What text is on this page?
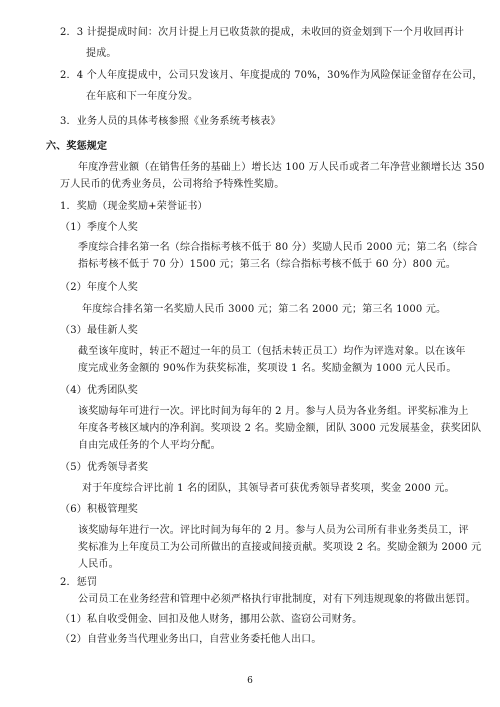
2．3 计提提成时间：次月计提上月已收货款的提成，未收回的资金划到下一个月收回再计
提成。
2．4 个人年度提成中，公司只发该月、年度提成的 70%，30%作为风险保证金留存在公司，
在年底和下一年度分发。
3．业务人员的具体考核参照《业务系统考核表》
六、奖惩规定
年度净营业额（在销售任务的基础上）增长达 100 万人民币或者二年净营业额增长达 350
万人民币的优秀业务员，公司将给予特殊性奖励。
1．奖励（现金奖励+荣誉证书）
（1）季度个人奖
季度综合排名第一名（综合指标考核不低于 80 分）奖励人民币 2000 元；第二名（综合
指标考核不低于 70 分）1500 元；第三名（综合指标考核不低于 60 分）800 元。
（2）年度个人奖
年度综合排名第一名奖励人民币 3000 元；第二名 2000 元；第三名 1000 元。
（3）最佳新人奖
截至该年度时，转正不超过一年的员工（包括未转正员工）均作为评选对象。以在该年
度完成业务金额的 90%作为获奖标准，奖项设 1 名。奖励金额为 1000 元人民币。
（4）优秀团队奖
该奖励每年可进行一次。评比时间为每年的 2 月。参与人员为各业务组。评奖标准为上
年度各考核区域内的净利润。奖项设 2 名。奖励金额，团队 3000 元发展基金，获奖团队
自由完成任务的个人平均分配。
（5）优秀领导者奖
对于年度综合评比前 1 名的团队，其领导者可获优秀领导者奖项，奖金 2000 元。
（6）积极管理奖
该奖励每年进行一次。评比时间为每年的 2 月。参与人员为公司所有非业务类员工，评
奖标准为上年度员工为公司所做出的直接或间接贡献。奖项设 2 名。奖励金额为 2000 元
人民币。
2．惩罚
公司员工在业务经营和管理中必须严格执行审批制度，对有下列违规现象的将做出惩罚。
6
（1）私自收受佣金、回扣及他人财务，挪用公款、盗窃公司财务。
（2）自营业务当代理业务出口，自营业务委托他人出口。
